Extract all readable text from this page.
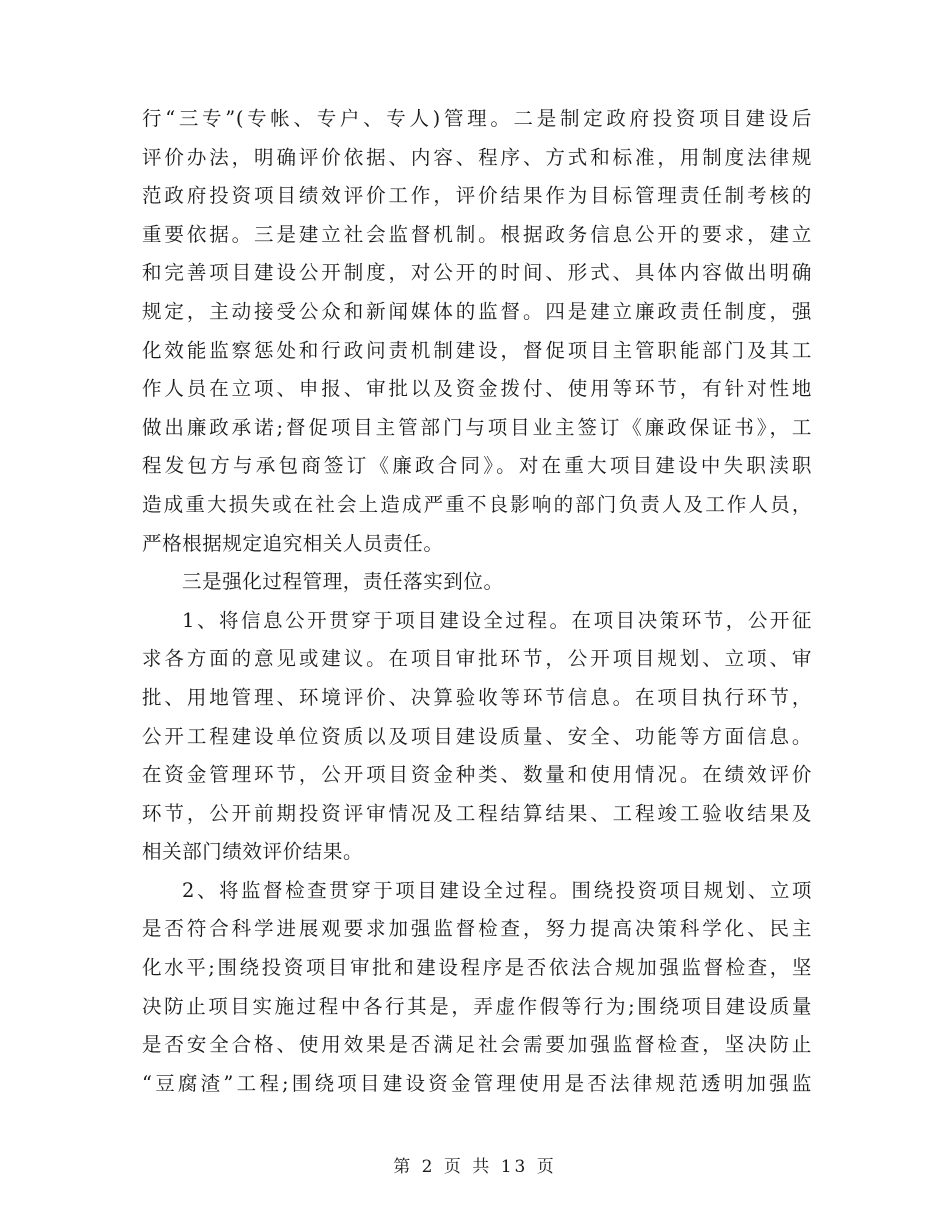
行“三专”(专帐、专户、专人)管理。二是制定政府投资项目建设后
评价办法，明确评价依据、内容、程序、方式和标准，用制度法律规
范政府投资项目绩效评价工作，评价结果作为目标管理责任制考核的
重要依据。三是建立社会监督机制。根据政务信息公开的要求，建立
和完善项目建设公开制度，对公开的时间、形式、具体内容做出明确
规定，主动接受公众和新闻媒体的监督。四是建立廉政责任制度，强
化效能监察惩处和行政问责机制建设，督促项目主管职能部门及其工
作人员在立项、申报、审批以及资金拨付、使用等环节，有针对性地
做出廉政承诺;督促项目主管部门与项目业主签订《廉政保证书》，工
程发包方与承包商签订《廉政合同》。对在重大项目建设中失职渎职
造成重大损失或在社会上造成严重不良影响的部门负责人及工作人员，
严格根据规定追究相关人员责任。
三是强化过程管理，责任落实到位。
1、将信息公开贯穿于项目建设全过程。在项目决策环节，公开征
求各方面的意见或建议。在项目审批环节，公开项目规划、立项、审
批、用地管理、环境评价、决算验收等环节信息。在项目执行环节，
公开工程建设单位资质以及项目建设质量、安全、功能等方面信息。
在资金管理环节，公开项目资金种类、数量和使用情况。在绩效评价
环节，公开前期投资评审情况及工程结算结果、工程竣工验收结果及
相关部门绩效评价结果。
2、将监督检查贯穿于项目建设全过程。围绕投资项目规划、立项
是否符合科学进展观要求加强监督检查，努力提高决策科学化、民主
化水平;围绕投资项目审批和建设程序是否依法合规加强监督检查，坚
决防止项目实施过程中各行其是，弄虚作假等行为;围绕项目建设质量
是否安全合格、使用效果是否满足社会需要加强监督检查，坚决防止
“豆腐渣”工程;围绕项目建设资金管理使用是否法律规范透明加强监
第 2 页 共 13 页
